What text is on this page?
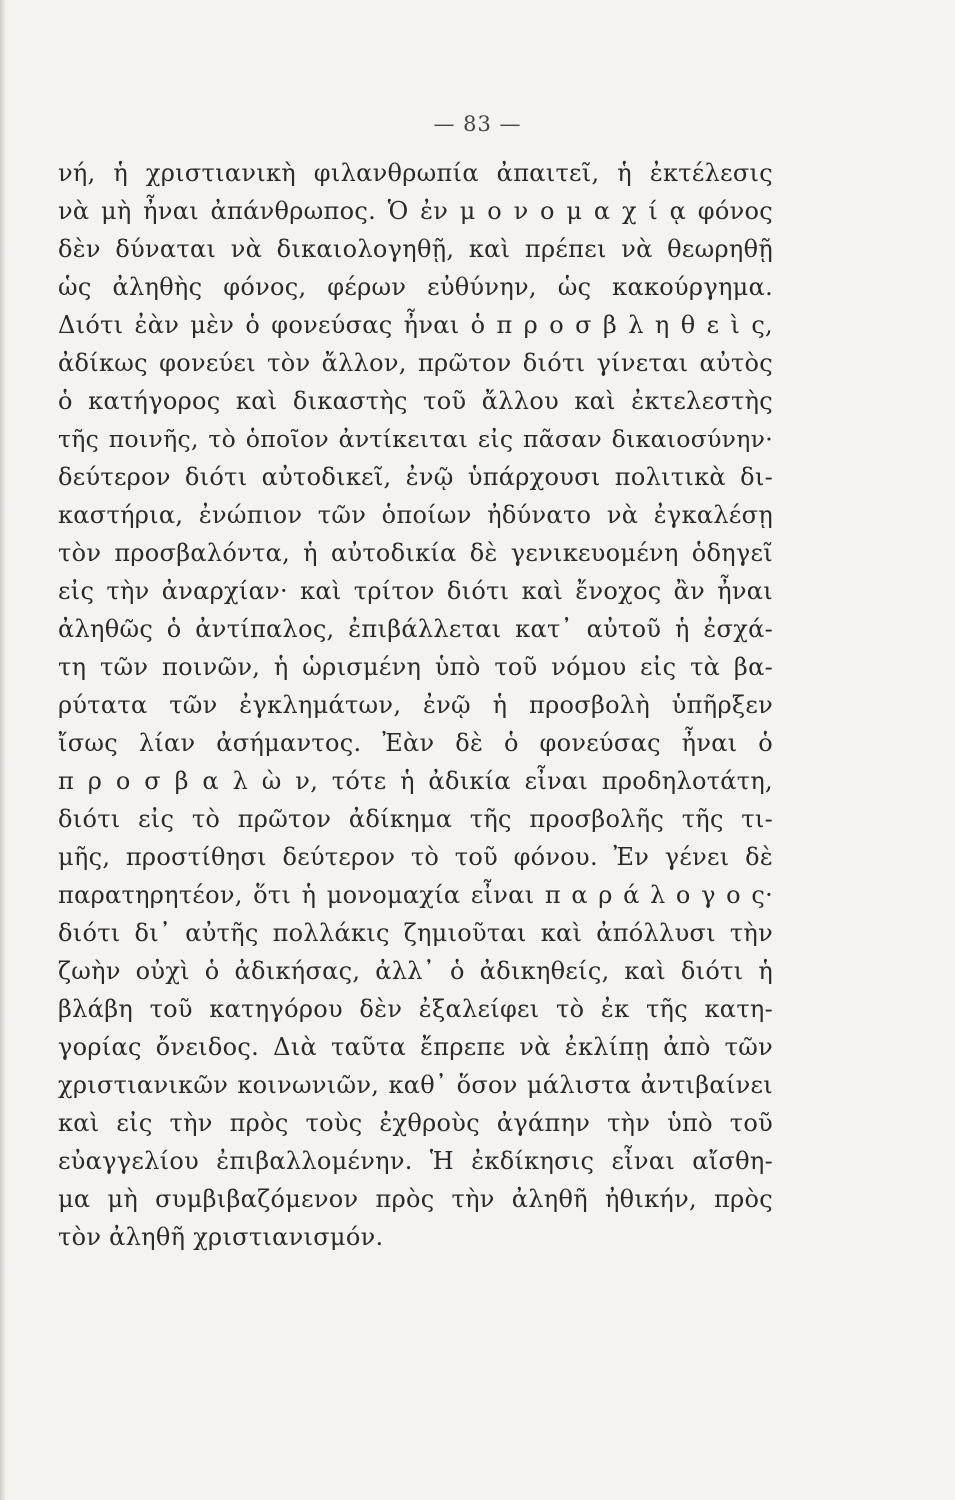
— 83 —
νή, ἡ χριστιανικὴ φιλανθρωπία ἀπαιτεῖ, ἡ ἐκτέλεσις
νὰ μὴ ἦναι ἀπάνθρωπος. Ὁ ἐν μ ο ν ο μ α χ ί ᾳ φόνος
δὲν δύναται νὰ δικαιολογηθῇ, καὶ πρέπει νὰ θεωρηθῇ
ὡς ἀληθὴς φόνος, φέρων εὐθύνην, ὡς κακούργημα.
Διότι ἐὰν μὲν ὁ φονεύσας ἦναι ὁ π ρ ο σ β λ η θ ε ὶ ς,
ἀδίκως φονεύει τὸν ἄλλον, πρῶτον διότι γίνεται αὐτὸς
ὁ κατήγορος καὶ δικαστὴς τοῦ ἄλλου καὶ ἐκτελεστὴς
τῆς ποινῆς, τὸ ὁποῖον ἀντίκειται εἰς πᾶσαν δικαιοσύνην·
δεύτερον διότι αὐτοδικεῖ, ἐνῷ ὑπάρχουσι πολιτικὰ δι-
καστήρια, ἐνώπιον τῶν ὁποίων ἠδύνατο νὰ ἐγκαλέσῃ
τὸν προσβαλόντα, ἡ αὐτοδικία δὲ γενικευομένη ὁδηγεῖ
εἰς τὴν ἀναρχίαν· καὶ τρίτον διότι καὶ ἔνοχος ἂν ἦναι
ἀληθῶς ὁ ἀντίπαλος, ἐπιβάλλεται κατ᾿ αὐτοῦ ἡ ἐσχά-
τη τῶν ποινῶν, ἡ ὡρισμένη ὑπὸ τοῦ νόμου εἰς τὰ βα-
ρύτατα τῶν ἐγκλημάτων, ἐνῷ ἡ προσβολὴ ὑπῆρξεν
ἴσως λίαν ἀσήμαντος. Ἐὰν δὲ ὁ φονεύσας ἦναι ὁ
π ρ ο σ β α λ ὼ ν, τότε ἡ ἀδικία εἶναι προδηλοτάτη,
διότι εἰς τὸ πρῶτον ἀδίκημα τῆς προσβολῆς τῆς τι-
μῆς, προστίθησι δεύτερον τὸ τοῦ φόνου. Ἐν γένει δὲ
παρατηρητέον, ὅτι ἡ μονομαχία εἶναι π α ρ ά λ ο γ ο ς·
διότι δι᾿ αὐτῆς πολλάκις ζημιοῦται καὶ ἀπόλλυσι τὴν
ζωὴν οὐχὶ ὁ ἀδικήσας, ἀλλ᾿ ὁ ἀδικηθείς, καὶ διότι ἡ
βλάβη τοῦ κατηγόρου δὲν ἐξαλείφει τὸ ἐκ τῆς κατη-
γορίας ὄνειδος. Διὰ ταῦτα ἔπρεπε νὰ ἐκλίπῃ ἀπὸ τῶν
χριστιανικῶν κοινωνιῶν, καθ᾿ ὅσον μάλιστα ἀντιβαίνει
καὶ εἰς τὴν πρὸς τοὺς ἐχθροὺς ἀγάπην τὴν ὑπὸ τοῦ
εὐαγγελίου ἐπιβαλλομένην. Ἡ ἐκδίκησις εἶναι αἴσθη-
μα μὴ συμβιβαζόμενον πρὸς τὴν ἀληθῆ ἠθικήν, πρὸς
τὸν ἀληθῆ χριστιανισμόν.
